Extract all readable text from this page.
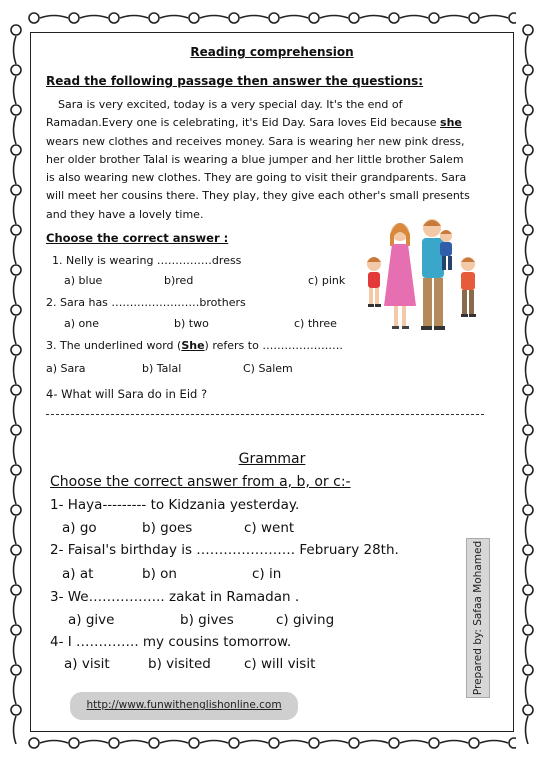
Reading comprehension
Read the following passage then answer the questions:

Sara is very excited, today is a very special day. It's the end of

Ramadan.Every one is celebrating, it's Eid Day. Sara loves Eid because she

wears new clothes and receives money. Sara is wearing her new pink dress,

her older brother Talal is wearing a blue jumper and her little brother Salem

is also wearing new clothes. They are going to visit their grandparents. Sara

will meet her cousins there. They play, they give each other's small presents

and they have a lovely time.

Choose the correct answer :
1. Nelly is wearing ……………dress
a) blue	b)red	c) pink
2. Sara has ……………………brothers
a) one	b) two	c) three
3. The underlined word (She) refers to ………………….
a) Sara	b) Talal	C) Salem
4- What will Sara do in Eid ?
Grammar
Choose the correct answer from a, b, or c:-
1- Haya--------- to Kidzania yesterday.
a) go	b) goes	c) went
2- Faisal's birthday is …………………. February 28th.
a) at	b) on	c) in
3- We…………….. zakat in Ramadan .
a) give	b) gives	c) giving
4- I ………….. my cousins tomorrow.
a) visit	b) visited c) will visit	Prepared by: Safaa Mohamed
http://www.funwithenglishonline.com
